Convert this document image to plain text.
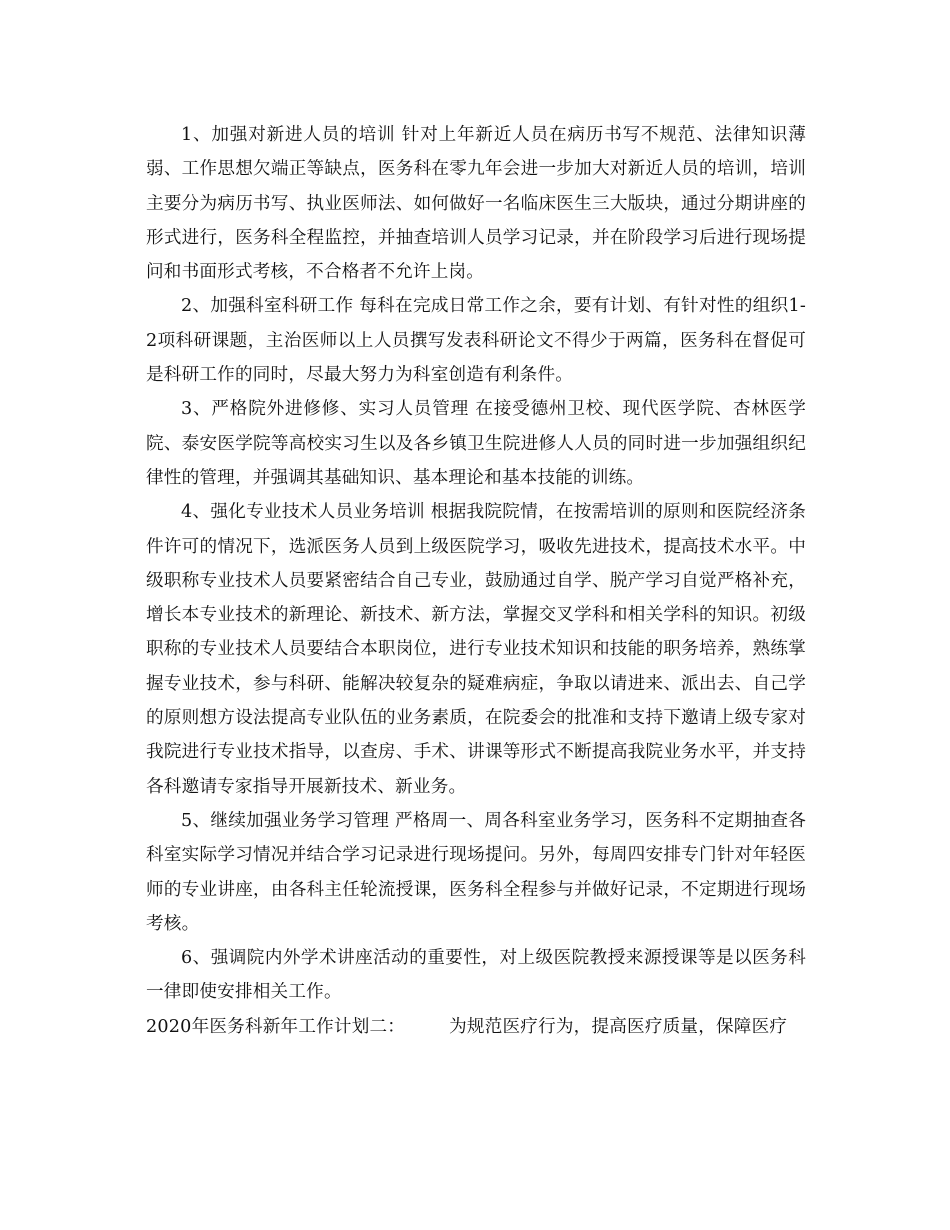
1、加强对新进人员的培训 针对上年新近人员在病历书写不规范、法律知识薄弱、工作思想欠端正等缺点，医务科在零九年会进一步加大对新近人员的培训，培训主要分为病历书写、执业医师法、如何做好一名临床医生三大版块，通过分期讲座的形式进行，医务科全程监控，并抽查培训人员学习记录，并在阶段学习后进行现场提问和书面形式考核，不合格者不允许上岗。

2、加强科室科研工作 每科在完成日常工作之余，要有计划、有针对性的组织1-2项科研课题，主治医师以上人员撰写发表科研论文不得少于两篇，医务科在督促可是科研工作的同时，尽最大努力为科室创造有利条件。

3、严格院外进修修、实习人员管理 在接受德州卫校、现代医学院、杏林医学院、泰安医学院等高校实习生以及各乡镇卫生院进修人人员的同时进一步加强组织纪律性的管理，并强调其基础知识、基本理论和基本技能的训练。

4、强化专业技术人员业务培训 根据我院院情，在按需培训的原则和医院经济条件许可的情况下，选派医务人员到上级医院学习，吸收先进技术，提高技术水平。中级职称专业技术人员要紧密结合自己专业，鼓励通过自学、脱产学习自觉严格补充，增长本专业技术的新理论、新技术、新方法，掌握交叉学科和相关学科的知识。初级职称的专业技术人员要结合本职岗位，进行专业技术知识和技能的职务培养，熟练掌握专业技术，参与科研、能解决较复杂的疑难病症，争取以请进来、派出去、自己学的原则想方设法提高专业队伍的业务素质，在院委会的批准和支持下邀请上级专家对我院进行专业技术指导，以查房、手术、讲课等形式不断提高我院业务水平，并支持各科邀请专家指导开展新技术、新业务。

5、继续加强业务学习管理 严格周一、周各科室业务学习，医务科不定期抽查各科室实际学习情况并结合学习记录进行现场提问。另外，每周四安排专门针对年轻医师的专业讲座，由各科主任轮流授课，医务科全程参与并做好记录，不定期进行现场考核。

6、强调院内外学术讲座活动的重要性，对上级医院教授来源授课等是以医务科一律即使安排相关工作。

2020年医务科新年工作计划二：	为规范医疗行为，提高医疗质量，保障医疗
